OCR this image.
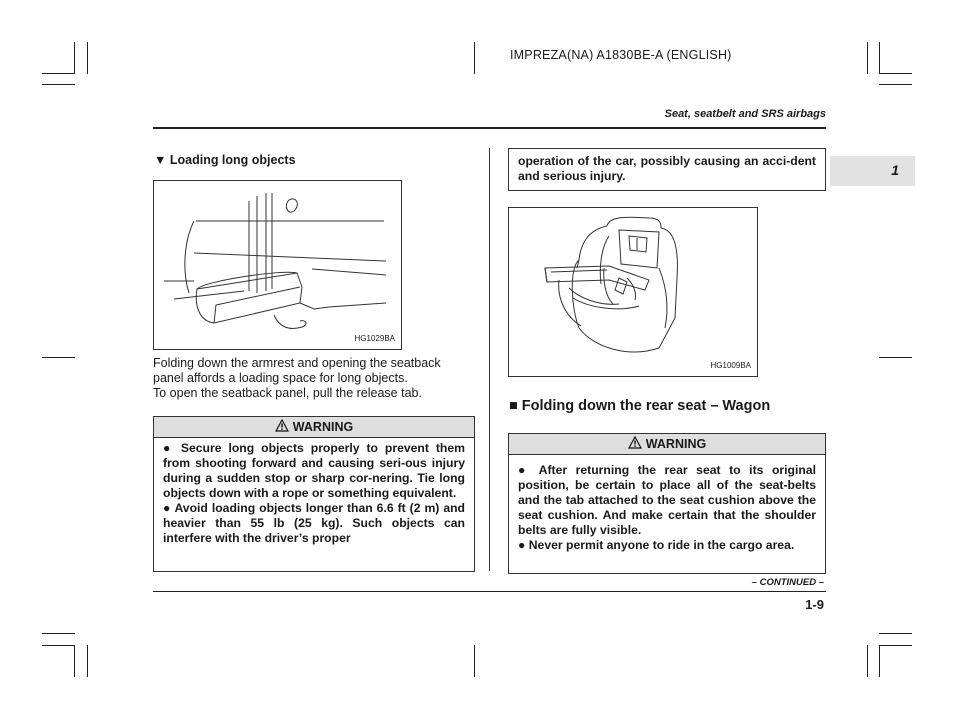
IMPREZA(NA) A1830BE-A (ENGLISH)
Seat, seatbelt and SRS airbags
1
▼ Loading long objects
HG1029BA
Folding down the armrest and opening the seatback
panel affords a loading space for long objects.
To open the seatback panel, pull the release tab.
WARNING

● Secure long objects properly to prevent them from shooting forward and causing seri-ous injury during a sudden stop or sharp cor-nering. Tie long objects down with a rope or something equivalent.

● Avoid loading objects longer than 6.6 ft (2 m) and heavier than 55 lb (25 kg). Such objects can interfere with the driver’s proper

operation of the car, possibly causing an acci-dent and serious injury.
HG1009BA
■ Folding down the rear seat – Wagon
WARNING

● After returning the rear seat to its original position, be certain to place all of the seat-belts and the tab attached to the seat cushion above the seat cushion. And make certain that the shoulder belts are fully visible.

● Never permit anyone to ride in the cargo area.

– CONTINUED –
1-9
